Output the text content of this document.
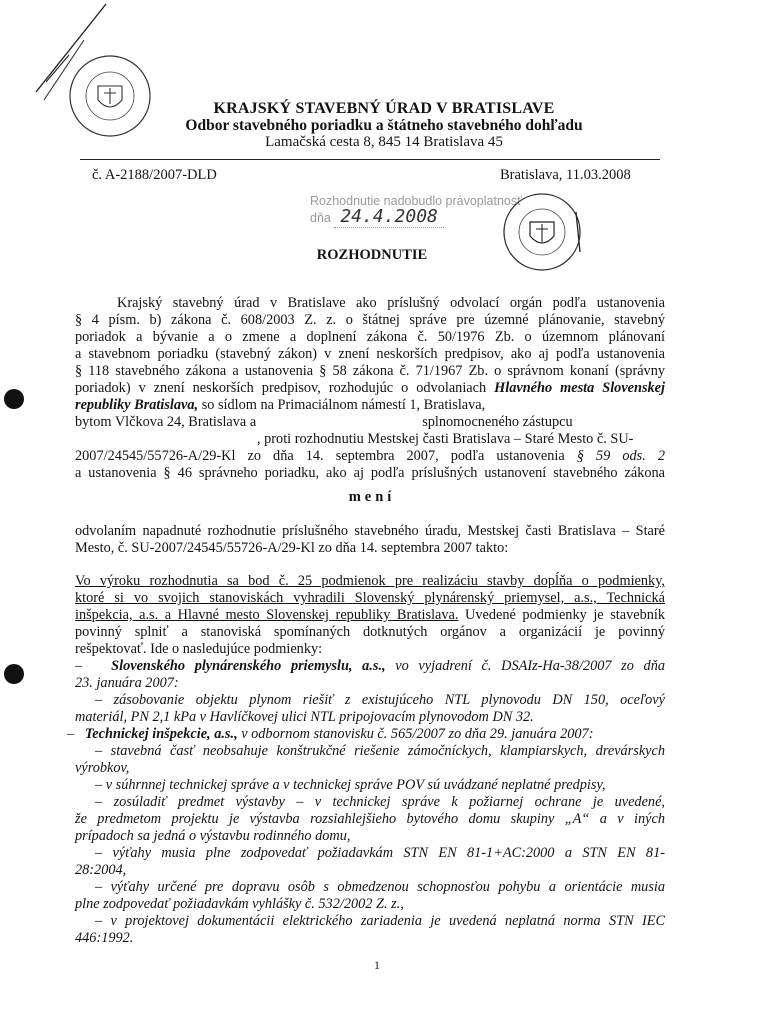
KRAJSKÝ STAVEBNÝ ÚRAD V BRATISLAVE
Odbor stavebného poriadku a štátneho stavebného dohľadu
Lamačská cesta 8, 845 14 Bratislava 45
č. A-2188/2007-DLD	Bratislava, 11.03.2008
Rozhodnutie nadobudlo právoplatnosť
dňa 24.4.2008
ROZHODNUTIE
Krajský stavebný úrad v Bratislave ako príslušný odvolací orgán podľa ustanovenia
§ 4 písm. b) zákona č. 608/2003 Z. z. o štátnej správe pre územné plánovanie, stavebný
poriadok a bývanie a o zmene a doplnení zákona č. 50/1976 Zb. o územnom plánovaní
a stavebnom poriadku (stavebný zákon) v znení neskorších predpisov, ako aj podľa ustanovenia
§ 118 stavebného zákona a ustanovenia § 58 zákona č. 71/1967 Zb. o správnom konaní (správny
poriadok) v znení neskorších predpisov, rozhodujúc o odvolaniach Hlavného mesta Slovenskej
republiky Bratislava, so sídlom na Primaciálnom námestí 1, Bratislava,
bytom Vlčkova 24, Bratislava a	splnomocneného zástupcu
, proti rozhodnutiu Mestskej časti Bratislava – Staré Mesto č. SU-
2007/24545/55726-A/29-Kl zo dňa 14. septembra 2007, podľa ustanovenia § 59 ods. 2
a ustanovenia § 46 správneho poriadku, ako aj podľa príslušných ustanovení stavebného zákona
mení
odvolaním napadnuté rozhodnutie príslušného stavebného úradu, Mestskej časti Bratislava – Staré
Mesto, č. SU-2007/24545/55726-A/29-Kl zo dňa 14. septembra 2007 takto:
Vo výroku rozhodnutia sa bod č. 25 podmienok pre realizáciu stavby dopĺňa o podmienky,
ktoré si vo svojich stanoviskách vyhradili Slovenský plynárenský priemysel, a.s., Technická
inšpekcia, a.s. a Hlavné mesto Slovenskej republiky Bratislava. Uvedené podmienky je stavebník
povinný splniť a stanoviská spomínaných dotknutých orgánov a organizácií je povinný
rešpektovať. Ide o nasledujúce podmienky:
– Slovenského plynárenského priemyslu, a.s., vo vyjadrení č. DSAIz-Ha-38/2007 zo dňa
23. januára 2007:
– zásobovanie objektu plynom riešiť z existujúceho NTL plynovodu DN 150, oceľový
materiál, PN 2,1 kPa v Havlíčkovej ulici NTL pripojovacím plynovodom DN 32.
– Technickej inšpekcie, a.s., v odbornom stanovisku č. 565/2007 zo dňa 29. januára 2007:
– stavebná časť neobsahuje konštrukčné riešenie zámočníckych, klampiarskych, drevárskych
výrobkov,
– v súhrnnej technickej správe a v technickej správe POV sú uvádzané neplatné predpisy,
– zosúladiť predmet výstavby – v technickej správe k požiarnej ochrane je uvedené,
že predmetom projektu je výstavba rozsiahlejšieho bytového domu skupiny „A“ a v iných
prípadoch sa jedná o výstavbu rodinného domu,
– výťahy musia plne zodpovedať požiadavkám STN EN 81-1+AC:2000 a STN EN 81-
28:2004,
– výťahy určené pre dopravu osôb s obmedzenou schopnosťou pohybu a orientácie musia
plne zodpovedať požiadavkám vyhlášky č. 532/2002 Z. z.,
– v projektovej dokumentácii elektrického zariadenia je uvedená neplatná norma STN IEC
446:1992.
1
